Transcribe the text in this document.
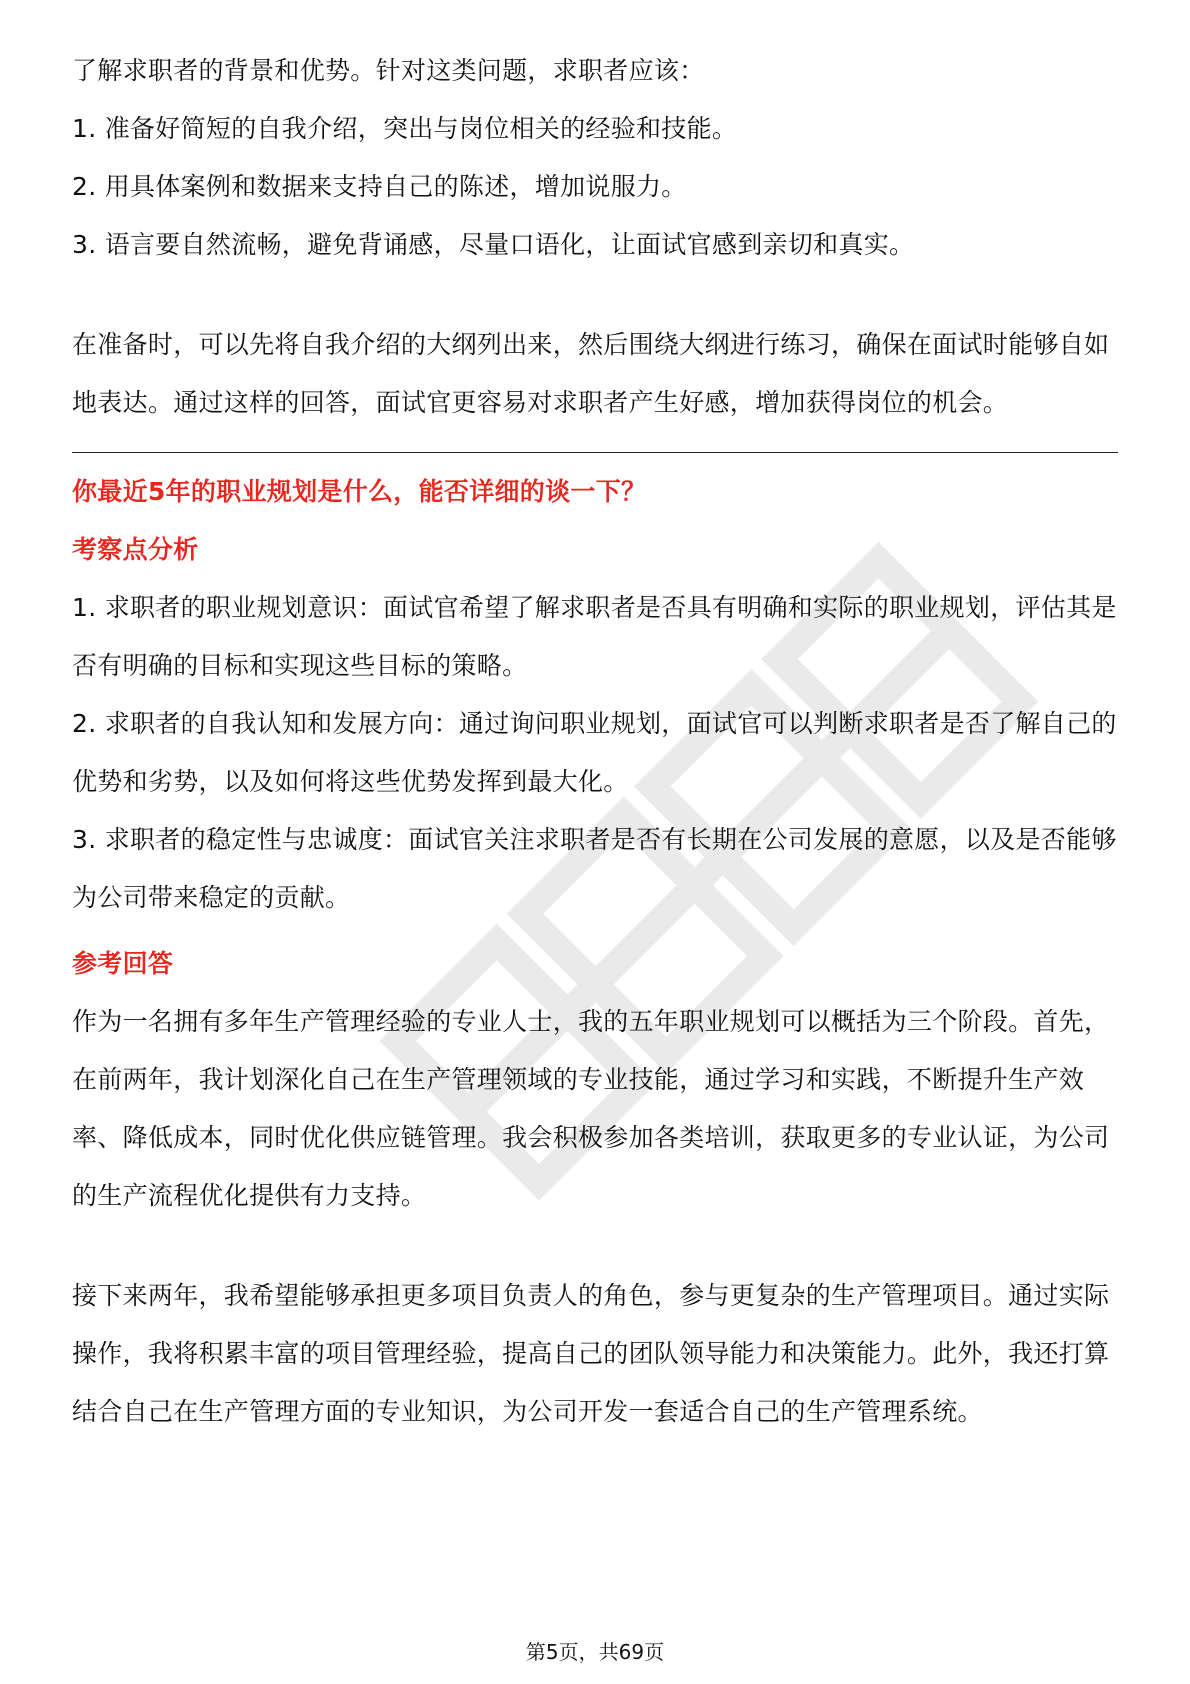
了解求职者的背景和优势。针对这类问题，求职者应该：

1. 准备好简短的自我介绍，突出与岗位相关的经验和技能。

2. 用具体案例和数据来支持自己的陈述，增加说服力。

3. 语言要自然流畅，避免背诵感，尽量口语化，让面试官感到亲切和真实。

在准备时，可以先将自我介绍的大纲列出来，然后围绕大纲进行练习，确保在面试时能够自如地表达。通过这样的回答，面试官更容易对求职者产生好感，增加获得岗位的机会。

你最近5年的职业规划是什么，能否详细的谈一下？

考察点分析

1. 求职者的职业规划意识：面试官希望了解求职者是否具有明确和实际的职业规划，评估其是否有明确的目标和实现这些目标的策略。

2. 求职者的自我认知和发展方向：通过询问职业规划，面试官可以判断求职者是否了解自己的优势和劣势，以及如何将这些优势发挥到最大化。

3. 求职者的稳定性与忠诚度：面试官关注求职者是否有长期在公司发展的意愿，以及是否能够为公司带来稳定的贡献。

参考回答

作为一名拥有多年生产管理经验的专业人士，我的五年职业规划可以概括为三个阶段。首先，在前两年，我计划深化自己在生产管理领域的专业技能，通过学习和实践，不断提升生产效率、降低成本，同时优化供应链管理。我会积极参加各类培训，获取更多的专业认证，为公司的生产流程优化提供有力支持。

接下来两年，我希望能够承担更多项目负责人的角色，参与更复杂的生产管理项目。通过实际操作，我将积累丰富的项目管理经验，提高自己的团队领导能力和决策能力。此外，我还打算结合自己在生产管理方面的专业知识，为公司开发一套适合自己的生产管理系统。

第5页，共69页
